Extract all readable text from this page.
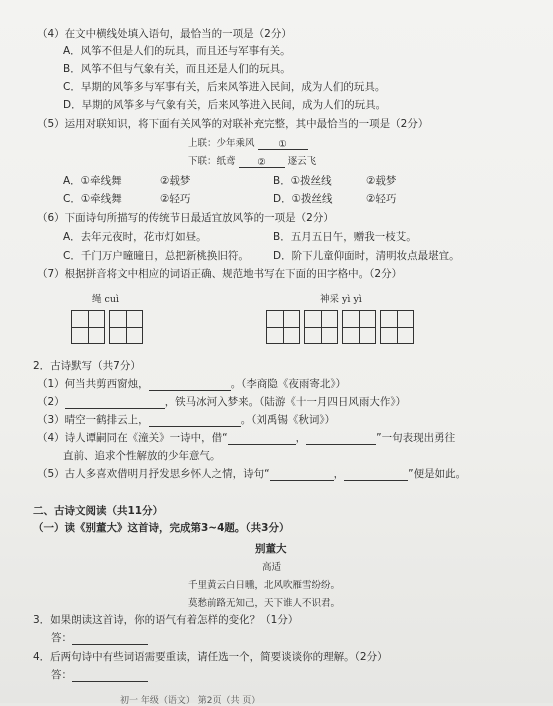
（4）在文中横线处填入语句，最恰当的一项是（2分）
A．风筝不但是人们的玩具，而且还与军事有关。
B．风筝不但与气象有关，而且还是人们的玩具。
C．早期的风筝多与军事有关，后来风筝进入民间，成为人们的玩具。
D．早期的风筝多与气象有关，后来风筝进入民间，成为人们的玩具。
（5）运用对联知识，将下面有关风筝的对联补充完整，其中最恰当的一项是（2分）
上联：少年乘风	①
下联：纸鸢 ② 逐云飞
A．①牵线舞	②载梦	B．①拨丝线	②载梦
C．①牵线舞	②轻巧	D．①拨丝线	②轻巧
（6）下面诗句所描写的传统节日最适宜放风筝的一项是（2分）
A．去年元夜时，花市灯如昼。	B．五月五日午，赠我一枝艾。
C．千门万户曈曈日，总把新桃换旧符。 D．阶下儿童仰面时，清明妆点最堪宜。
（7）根据拼音将文中相应的词语正确、规范地书写在下面的田字格中。（2分）
绳 cuì	神采 yì yì
2．古诗默写（共7分）
（1）何当共剪西窗烛，	。（李商隐《夜雨寄北》）
（2）	，铁马冰河入梦来。（陆游《十一月四日风雨大作》）
（3）晴空一鹤排云上，	。（刘禹锡《秋词》）
（4）诗人谭嗣同在《潼关》一诗中，借“	，	”一句表现出勇往
直前、追求个性解放的少年意气。
（5）古人多喜欢借明月抒发思乡怀人之情，诗句“	，	”便是如此。
二、古诗文阅读（共11分）
（一）读《别董大》这首诗，完成第3~4题。（共3分）
别董大
高适
千里黄云白日曛，北风吹雁雪纷纷。
莫愁前路无知己，天下谁人不识君。
3．如果朗读这首诗，你的语气有着怎样的变化？（1分）
答：
4．后两句诗中有些词语需要重读，请任选一个，简要谈谈你的理解。（2分）
答：
初一 年级（语文） 第2页（共 页）
